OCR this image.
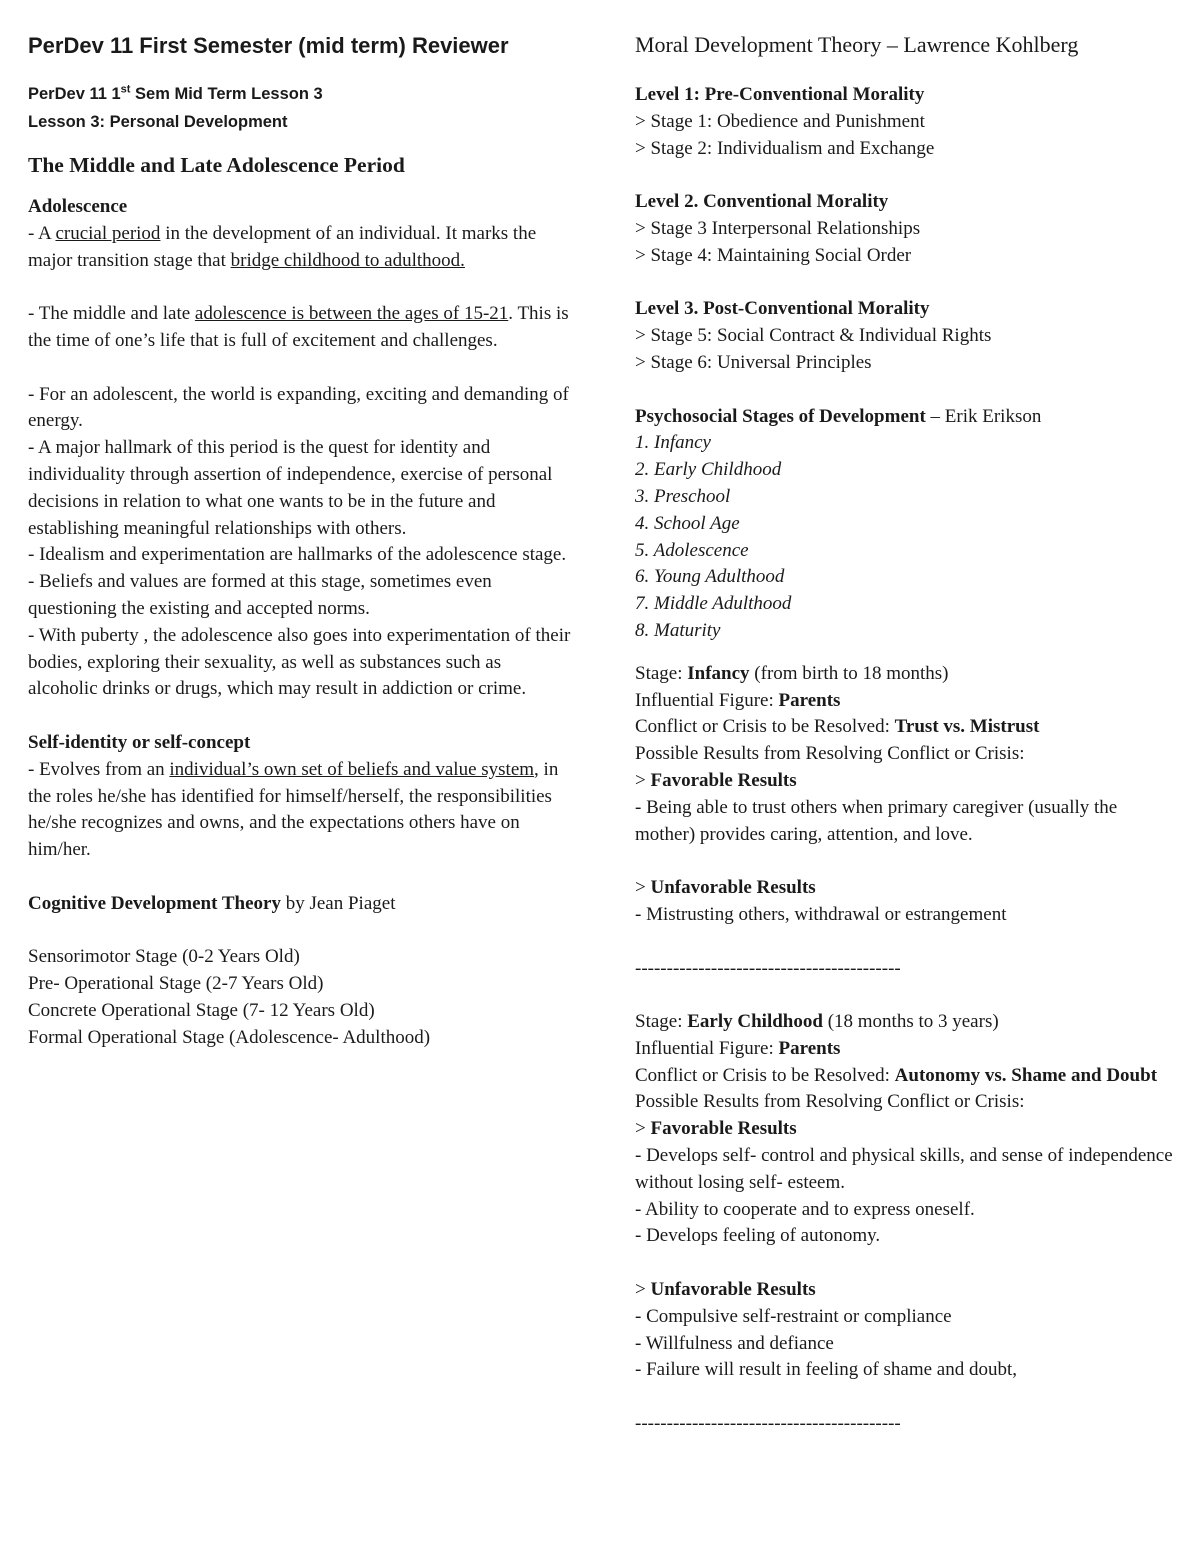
PerDev 11 First Semester (mid term) Reviewer
PerDev 11 1st Sem Mid Term Lesson 3
Lesson 3: Personal Development
The Middle and Late Adolescence Period

Adolescence

- A crucial period in the development of an individual. It marks the major transition stage that bridge childhood to adulthood.

- The middle and late adolescence is between the ages of 15-21. This is the time of one’s life that is full of excitement and challenges.

- For an adolescent, the world is expanding, exciting and demanding of energy.

- A major hallmark of this period is the quest for identity and individuality through assertion of independence, exercise of personal decisions in relation to what one wants to be in the future and establishing meaningful relationships with others.

- Idealism and experimentation are hallmarks of the adolescence stage.

- Beliefs and values are formed at this stage, sometimes even questioning the existing and accepted norms.

- With puberty , the adolescence also goes into experimentation of their bodies, exploring their sexuality, as well as substances such as alcoholic drinks or drugs, which may result in addiction or crime.

Self-identity or self-concept

- Evolves from an individual’s own set of beliefs and value system, in the roles he/she has identified for himself/herself, the responsibilities he/she recognizes and owns, and the expectations others have on him/her.

Cognitive Development Theory by Jean Piaget

Sensorimotor Stage (0-2 Years Old)

Pre- Operational Stage (2-7 Years Old)

Concrete Operational Stage (7- 12 Years Old)

Formal Operational Stage (Adolescence- Adulthood)

Moral Development Theory – Lawrence Kohlberg

Level 1: Pre-Conventional Morality

> Stage 1: Obedience and Punishment

> Stage 2: Individualism and Exchange

Level 2. Conventional Morality

> Stage 3 Interpersonal Relationships

> Stage 4: Maintaining Social Order

Level 3. Post-Conventional Morality

> Stage 5: Social Contract & Individual Rights

> Stage 6: Universal Principles

Psychosocial Stages of Development – Erik Erikson

1. Infancy

2. Early Childhood

3. Preschool

4. School Age

5. Adolescence

6. Young Adulthood

7. Middle Adulthood

8. Maturity

Stage: Infancy (from birth to 18 months)

Influential Figure: Parents

Conflict or Crisis to be Resolved: Trust vs. Mistrust

Possible Results from Resolving Conflict or Crisis:

> Favorable Results

- Being able to trust others when primary caregiver (usually the mother) provides caring, attention, and love.

> Unfavorable Results

- Mistrusting others, withdrawal or estrangement

------------------------------------------

Stage: Early Childhood (18 months to 3 years)

Influential Figure: Parents

Conflict or Crisis to be Resolved: Autonomy vs. Shame and Doubt

Possible Results from Resolving Conflict or Crisis:

> Favorable Results

- Develops self- control and physical skills, and sense of independence without losing self- esteem.

- Ability to cooperate and to express oneself.

- Develops feeling of autonomy.

> Unfavorable Results

- Compulsive self-restraint or compliance

- Willfulness and defiance

- Failure will result in feeling of shame and doubt,

------------------------------------------
